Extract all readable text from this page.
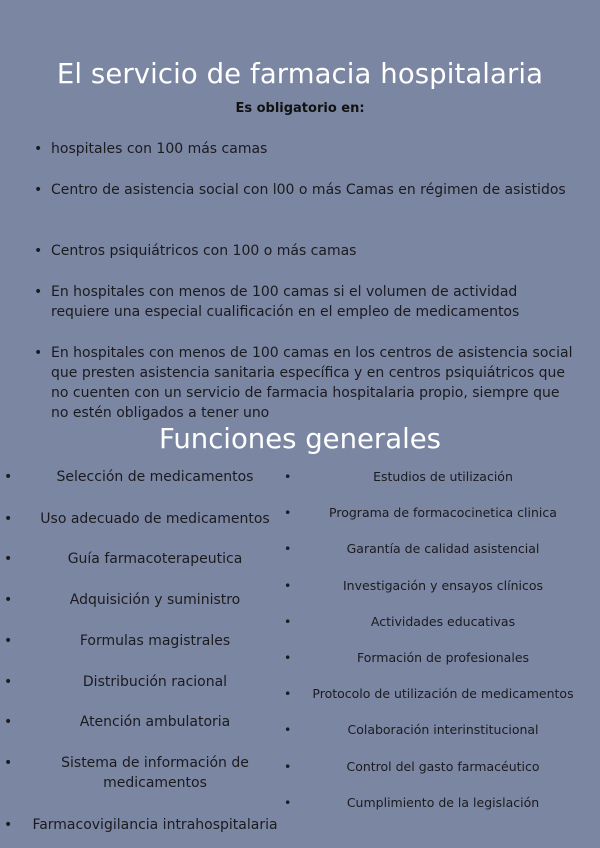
El servicio de farmacia hospitalaria
Es obligatorio en:
• hospitales con 100 más camas
• Centro de asistencia social con l00 o más Camas en régimen de asistidos
• Centros psiquiátricos con 100 o más camas
• En hospitales con menos de 100 camas si el volumen de actividad requiere una especial cualificación en el empleo de medicamentos
• En hospitales con menos de 100 camas en los centros de asistencia social que presten asistencia sanitaria específica y en centros psiquiátricos que no cuenten con un servicio de farmacia hospitalaria propio, siempre que no estén obligados a tener uno
Funciones generales
•	Selección de medicamentos
•	Uso adecuado de medicamentos
•	Guía farmacoterapeutica
•	Adquisición y suministro
•	Formulas magistrales
•	Distribución racional
•	Atención ambulatoria
•	Sistema de información de medicamentos
•	Farmacovigilancia intrahospitalaria
•	Estudios de utilización
•	Programa de formacocinetica clinica
•	Garantía de calidad asistencial
•	Investigación y ensayos clínicos
•	Actividades educativas
•	Formación de profesionales
•	Protocolo de utilización de medicamentos
•	Colaboración interinstitucional
•	Control del gasto farmacéutico
•	Cumplimiento de la legislación
